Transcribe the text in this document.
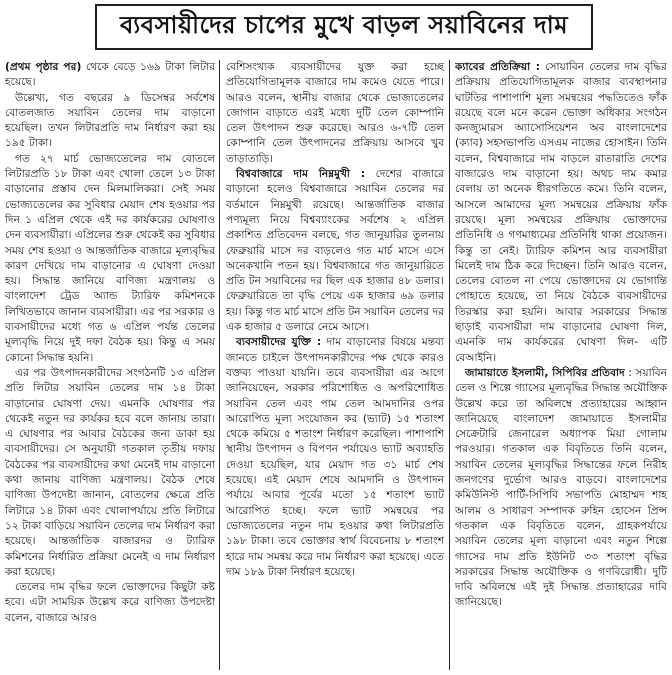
ব্যবসায়ীদের চাপের মুখে বাড়ল সয়াবিনের দাম

(প্রথম পৃষ্ঠার পর) থেকে বেড়ে ১৬৯ টাকা লিটার হয়েছে।

উল্লেখ্য, গত বছরের ৯ ডিসেম্বর সর্বশেষ বোতলজাত সয়াবিন তেলের দাম বাড়ানো হয়েছিল। তখন লিটারপ্রতি দাম নির্ধারণ করা হয় ১৯৫ টাকা।

গত ২৭ মার্চ ভোজ্যতেলের দাম বোতলে লিটারপ্রতি ১৮ টাকা এবং খোলা তেলে ১৩ টাকা বাড়ানোর প্রস্তাব দেন মিলমালিকরা। সেই সময় ভোজ্যতেলের কর সুবিধার মেয়াদ শেষ হওয়ার পর দিন ১ এপ্রিল থেকে এই দর কার্যকরের ঘোষণাও দেন ব্যবসায়ীরা। এপ্রিলের শুরু থেকেই কর সুবিধার সময় শেষ হওয়া ও আন্তর্জাতিক বাজারে মূল্যবৃদ্ধির কারণ দেখিয়ে দাম বাড়ানোর এ ঘোষণা দেওয়া হয়। সিদ্ধান্ত জানিয়ে বাণিজ্য মন্ত্রণালয় ও বাংলাদেশ ট্রেড অ্যান্ড ট্যারিফ কমিশনকে লিখিতভাবে জানান ব্যবসায়ীরা। এর পর সরকার ও ব্যবসায়ীদের মধ্যে গত ৬ এপ্রিল পর্যন্ত তেলের মূল্যবৃদ্ধি নিয়ে দুই দফা বৈঠক হয়। কিন্তু এ সময় কোনো সিদ্ধান্ত হয়নি।

এর পর উৎপাদনকারীদের সংগঠনটি ১৩ এপ্রিল প্রতি লিটার সয়াবিন তেলের দাম ১৪ টাকা বাড়ানোর ঘোষণা দেয়। এমনকি ঘোষণার পর থেকেই নতুন দর কার্যকর হবে বলে জানায় তারা। এ ঘোষণার পর আবার বৈঠকের জন্য ডাকা হয় ব্যবসায়ীদের। সে অনুযায়ী গতকাল তৃতীয় দফায় বৈঠকের পর ব্যবসায়ীদের কথা মেনেই দাম বাড়ানো কথা জানায় বাণিজ্য মন্ত্রণালয়। বৈঠক শেষে বাণিজ্য উপদেষ্টা জানান, বোতলের ক্ষেত্রে প্রতি লিটারে ১৪ টাকা এবং খোলাপর্যায়ে প্রতি লিটারে ১২ টাকা বাড়িয়ে সয়াবিন তেলের দাম নির্ধারণ করা হয়েছে। আন্তর্জাতিক বাজারদর ও ট্যারিফ কমিশনের নির্ধারিত প্রক্রিয়া মেনেই এ দাম নির্ধারণ করা হয়েছে।

তেলের দাম বৃদ্ধির ফলে ভোক্তাদের কিছুটা কষ্ট হবে। এটা সাময়িক উল্লেখ করে বাণিজ্য উপদেষ্টা বলেন, বাজারে আরও

বেশিসংখ্যক ব্যবসায়ীদের যুক্ত করা হচ্ছে প্রতিযোগিতামূলক বাজারে দাম কমেও যেতে পারে। আরও বলেন, স্থানীয় বাজার থেকে ভোজ্যতেলের জোগান বাড়াতে এরই মধ্যে দুটি তেল কোম্পানি তেল উৎপাদন শুরু করেছে। আরও ৬-৭টি তেল কোম্পানি তেল উৎপাদনের প্রক্রিয়ায় আসবে খুব তাড়াতাড়ি।

বিশ্ববাজারে দাম নিম্নমুখী : দেশের বাজারে বাড়ানো হলেও বিশ্ববাজারে সয়াবিন তেলের দর বর্তমানে নিম্নমুখী রয়েছে। আন্তর্জাতিক বাজার পণ্যমূল্য নিয়ে বিশ্বব্যাংকের সর্বশেষ ২ এপ্রিল প্রকাশিত প্রতিবেদন বলছে, গত জানুয়ারির তুলনায় ফেব্রুয়ারি মাসে দর বাড়লেও গত মার্চ মাসে এসে অনেকখানি পতন হয়। বিশ্ববাজারে গত জানুয়ারিতে প্রতি টন সয়াবিনের দর ছিল এক হাজার ৪৮ ডলার। ফেব্রুয়ারিতে তা বৃদ্ধি পেয়ে এক হাজার ৬৯ ডলার হয়। কিন্তু গত মার্চ মাসে প্রতি টন সয়াবিন তেলের দর এক হাজার ৫ ডলারে নেমে আসে।

ব্যবসায়ীদের যুক্তি : দাম বাড়ানোর বিষয়ে মন্তব্য জানতে চাইলে উৎপাদনকারীদের পক্ষ থেকে কারও বক্তব্য পাওয়া যায়নি। তবে ব্যবসায়ীরা এর আগে জানিয়েছেন, সরকার পরিশোধিত ও অপরিশোধিত সয়াবিন তেল এবং পাম তেল আমদানির ওপর আরোপিত মূল্য সংযোজন কর (ভ্যাট) ১৫ শতাংশ থেকে কমিয়ে ৫ শতাংশ নির্ধারণ করেছিল। পাশাপাশি স্থানীয় উৎপাদন ও বিপণন পর্যায়েও ভ্যাট অব্যাহতি দেওয়া হয়েছিল, যার মেয়াদ গত ৩১ মার্চ শেষ হয়েছে। এই মেয়াদ শেষে আমদানি ও উৎপাদন পর্যায়ে আবার পূর্বের মতো ১৫ শতাংশ ভ্যাট আরোপিত হচ্ছে। ফলে ভ্যাট সমন্বয়ের পর ভোজ্যতেলের নতুন দাম হওয়ার কথা লিটারপ্রতি ১৯৮ টাকা। তবে ভোক্তার স্বার্থ বিবেচনায় ৮ শতাংশ হারে দাম সমন্বয় করে দাম নির্ধারণ করা হয়েছে। এতে দাম ১৮৯ টাকা নির্ধারণ হয়েছে।

ক্যাবের প্রতিক্রিয়া : সোয়াবিন তেলের দাম বৃদ্ধির প্রক্রিয়ায় প্রতিযোগিতামূলক বাজার ব্যবস্থাপনার ঘাটতির পাশাপাশি মূল্য সমন্বয়ের পদ্ধতিতেও ফাঁক রয়েছে বলে মনে করেন ভোক্তা অধিকার সংগঠন কনজ্যুমারস অ্যাসোসিয়েশন অব বাংলাদেশের (ক্যাব) সহসভাপতি এসএম নাজের হোসাইন। তিনি বলেন, বিশ্ববাজারে দাম বাড়লে রাতারাতি দেশের বাজারেও দাম বাড়ানো হয়। অথচ দাম কমার বেলায় তা অনেক ধীরগতিতে কমে। তিনি বলেন, আসলে আমাদের মূল্য সমন্বয়ের প্রক্রিয়ায় ফাঁক রয়েছে। মূল্য সমন্বয়ের প্রক্রিয়ায় ভোক্তাদের প্রতিনিধি ও গণমাধ্যমের প্রতিনিধি থাকা প্রয়োজন। কিন্তু তা নেই। ট্যারিফ কমিশন আর ব্যবসায়ীরা মিলেই দাম ঠিক করে দিচ্ছেন। তিনি আরও বলেন, তেলের বোতল না পেয়ে ভোক্তাদের যে ভোগান্তি পোহাতে হয়েছে, তা নিয়ে বৈঠকে ব্যবসায়ীদের তিরস্কার করা হয়নি। আবার সরকারের সিদ্ধান্ত ছাড়াই ব্যবসায়ীরা দাম বাড়ানোর ঘোষণা দিল, এমনকি দাম কার্যকরের ঘোষণা দিল- এটি বেআইনি।

জামায়াতে ইসলামী, সিপিবির প্রতিবাদ : সয়াবিন তেল ও শিল্পে গ্যাসের মূল্যবৃদ্ধির সিদ্ধান্ত অযৌক্তিক উল্লেখ করে তা অবিলম্বে প্রত্যাহারের আহ্বান জানিয়েছে বাংলাদেশ জামায়াতে ইসলামীর সেক্রেটারি জেনারেল অধ্যাপক মিয়া গোলাম পরওয়ার। গতকাল এক বিবৃতিতে তিনি বলেন, সয়াবিন তেলের মূল্যবৃদ্ধির সিদ্ধান্তের ফলে নিরীহ জনগণের দুর্ভোগ আরও বাড়বে। বাংলাদেশের কমিউনিস্ট পার্টি-সিপিবি সভাপতি মোহাম্মদ শাহ আলম ও সাধারণ সম্পাদক রুহিন হোসেন প্রিন্স গতকাল এক বিবৃতিতে বলেন, গ্রাহকপর্যায়ে সয়াবিন তেলের মূল্য বাড়ানো এবং নতুন শিল্পে গ্যাসের দাম প্রতি ইউনিট ৩৩ শতাংশ বৃদ্ধির সরকারের সিদ্ধান্ত অযৌক্তিক ও গণবিরোধী। দুটি দাবি অবিলম্বে এই দুই সিদ্ধান্ত প্রত্যাহারের দাবি জানিয়েছে।
